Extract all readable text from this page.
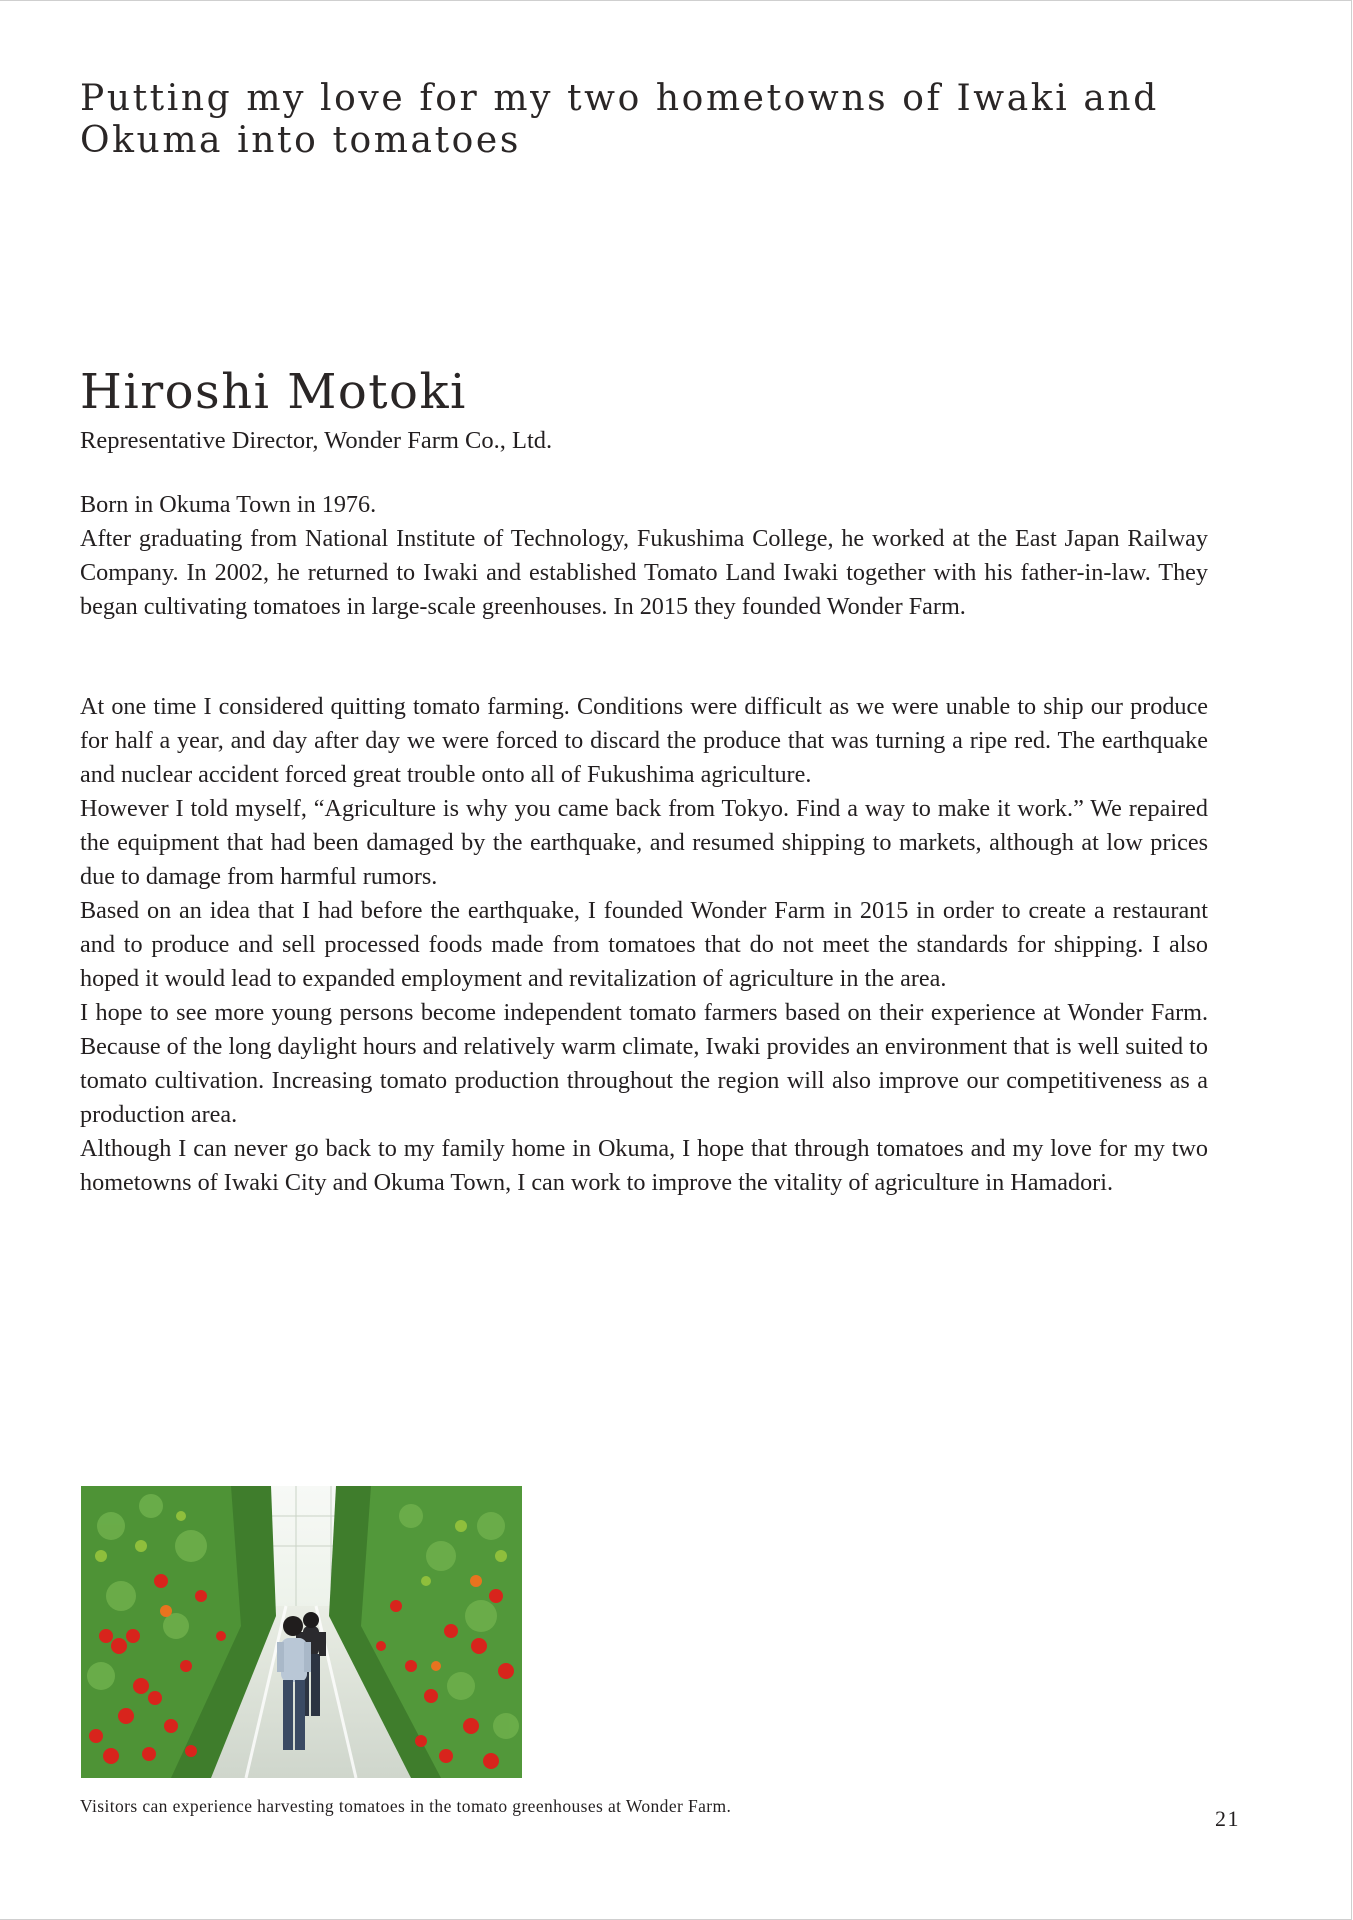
Putting my love for my two hometowns of Iwaki and Okuma into tomatoes
Hiroshi Motoki

Representative Director, Wonder Farm Co., Ltd.

Born in Okuma Town in 1976.

After graduating from National Institute of Technology, Fukushima College, he worked at the East Japan Railway Company. In 2002, he returned to Iwaki and established Tomato Land Iwaki together with his father-in-law. They began cultivating tomatoes in large-scale greenhouses. In 2015 they founded Wonder Farm.

At one time I considered quitting tomato farming. Conditions were difficult as we were unable to ship our produce for half a year, and day after day we were forced to discard the produce that was turning a ripe red. The earthquake and nuclear accident forced great trouble onto all of Fukushima agriculture.

However I told myself, “Agriculture is why you came back from Tokyo. Find a way to make it work.” We repaired the equipment that had been damaged by the earthquake, and resumed shipping to markets, although at low prices due to damage from harmful rumors.

Based on an idea that I had before the earthquake, I founded Wonder Farm in 2015 in order to create a restaurant and to produce and sell processed foods made from tomatoes that do not meet the standards for shipping. I also hoped it would lead to expanded employment and revitalization of agriculture in the area.

I hope to see more young persons become independent tomato farmers based on their experience at Wonder Farm. Because of the long daylight hours and relatively warm climate, Iwaki provides an environment that is well suited to tomato cultivation. Increasing tomato production throughout the region will also improve our competitiveness as a production area.

Although I can never go back to my family home in Okuma, I hope that through tomatoes and my love for my two hometowns of Iwaki City and Okuma Town, I can work to improve the vitality of agriculture in Hamadori.

Visitors can experience harvesting tomatoes in the tomato greenhouses at Wonder Farm.	21
